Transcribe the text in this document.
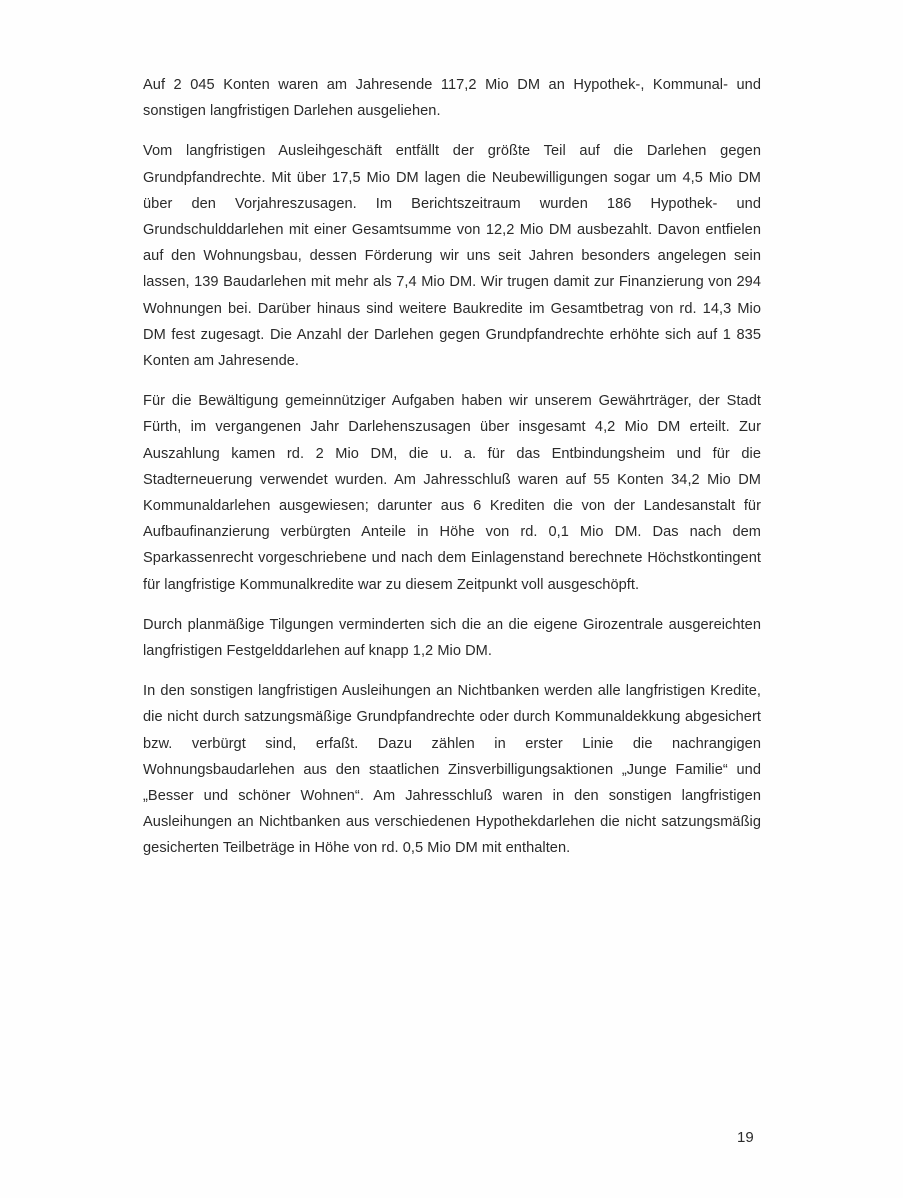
Auf 2 045 Konten waren am Jahresende 117,2 Mio DM an Hypothek-, Kommunal- und sonstigen langfristigen Darlehen ausgeliehen.

Vom langfristigen Ausleihgeschäft entfällt der größte Teil auf die Darlehen gegen Grundpfandrechte. Mit über 17,5 Mio DM lagen die Neubewilligungen sogar um 4,5 Mio DM über den Vorjahreszusagen. Im Berichtszeitraum wurden 186 Hypothek- und Grundschulddarlehen mit einer Gesamtsumme von 12,2 Mio DM ausbezahlt. Davon entfielen auf den Wohnungsbau, dessen Förderung wir uns seit Jahren besonders angelegen sein lassen, 139 Baudarlehen mit mehr als 7,4 Mio DM. Wir trugen damit zur Finanzierung von 294 Wohnungen bei. Darüber hinaus sind weitere Baukredite im Gesamtbetrag von rd. 14,3 Mio DM fest zugesagt. Die Anzahl der Darlehen gegen Grundpfandrechte erhöhte sich auf 1 835 Konten am Jahresende.

Für die Bewältigung gemeinnütziger Aufgaben haben wir unserem Gewährträger, der Stadt Fürth, im vergangenen Jahr Darlehenszusagen über insgesamt 4,2 Mio DM erteilt. Zur Auszahlung kamen rd. 2 Mio DM, die u. a. für das Entbindungsheim und für die Stadterneuerung verwendet wurden. Am Jahresschluß waren auf 55 Konten 34,2 Mio DM Kommunaldarlehen ausgewiesen; darunter aus 6 Krediten die von der Landesanstalt für Aufbaufinanzierung verbürgten Anteile in Höhe von rd. 0,1 Mio DM. Das nach dem Sparkassenrecht vorgeschriebene und nach dem Einlagenstand berechnete Höchstkontingent für langfristige Kommunalkredite war zu diesem Zeitpunkt voll ausgeschöpft.

Durch planmäßige Tilgungen verminderten sich die an die eigene Girozentrale ausgereichten langfristigen Festgelddarlehen auf knapp 1,2 Mio DM.

In den sonstigen langfristigen Ausleihungen an Nichtbanken werden alle langfristigen Kredite, die nicht durch satzungsmäßige Grundpfandrechte oder durch Kommunaldekkung abgesichert bzw. verbürgt sind, erfaßt. Dazu zählen in erster Linie die nachrangigen Wohnungsbaudarlehen aus den staatlichen Zinsverbilligungsaktionen „Junge Familie“ und „Besser und schöner Wohnen“. Am Jahresschluß waren in den sonstigen langfristigen Ausleihungen an Nichtbanken aus verschiedenen Hypothekdarlehen die nicht satzungsmäßig gesicherten Teilbeträge in Höhe von rd. 0,5 Mio DM mit enthalten.

19
